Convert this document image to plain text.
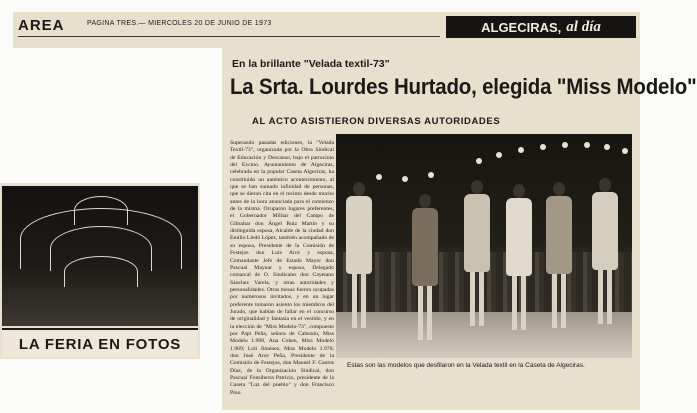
AREA	PAGINA TRES.— MIERCOLES 20 DE JUNIO DE 1973	ALGECIRAS, al día
En la brillante "Velada textil-73"
La Srta. Lourdes Hurtado, elegida "Miss Modelo"
AL ACTO ASISTIERON DIVERSAS AUTORIDADES
Superando pasadas ediciones, la "Velada Textil-73", organizada por la Obra Sindical de Educación y Descanso, bajo el patrocinio del Excmo. Ayuntamiento de Algeciras, celebrada en la popular Caseta Algeciras, ha constituido un auténtico acontecimiento, al que se han sumado infinidad de personas, que se dieron cita en el recinto desde mucho antes de la hora anunciada para el comienzo de la misma. Ocuparon lugares preferentes, el Gobernador Militar del Campo de Gibraltar don Ángel Ruiz Martín y su distinguida esposa, Alcalde de la ciudad don Emilio Lledó López, también acompañado de su esposa, Presidente de la Comisión de Festejos don Luis Arce y esposa, Comandante Jefe de Estado Mayor don Pascual Maynar y esposa, Delegado comarcal de O. Sindicales don Cayetano Sánchez Varela, y otras autoridades y personalidades. Otras mesas fueron ocupadas por numerosos invitados, y en un lugar preferente tomaron asiento los miembros del Jurado, que habían de fallar en el concurso de originalidad y fantasía en el vestido, y en la elección de "Miss Modelo-73", compuesto por Papi Peña, señora de Cabezón, Miss Modelo 1.968, Ana Cohen, Miss Modelo 1.969; Loli Jiménez, Miss Modelo 1.970; don José Arce Peña, Presidente de la Comisión de Festejos, don Manuel F. Cantos Díaz, de la Organización Sindical, don Pascual Fonsiberra Patricio, presidente de la Caseta "Luz del pueblo" y don Francisco Pino.
Estas son las modelos que desfilaron en la Velada textil en la Caseta de Algeciras.
LA FERIA EN FOTOS
